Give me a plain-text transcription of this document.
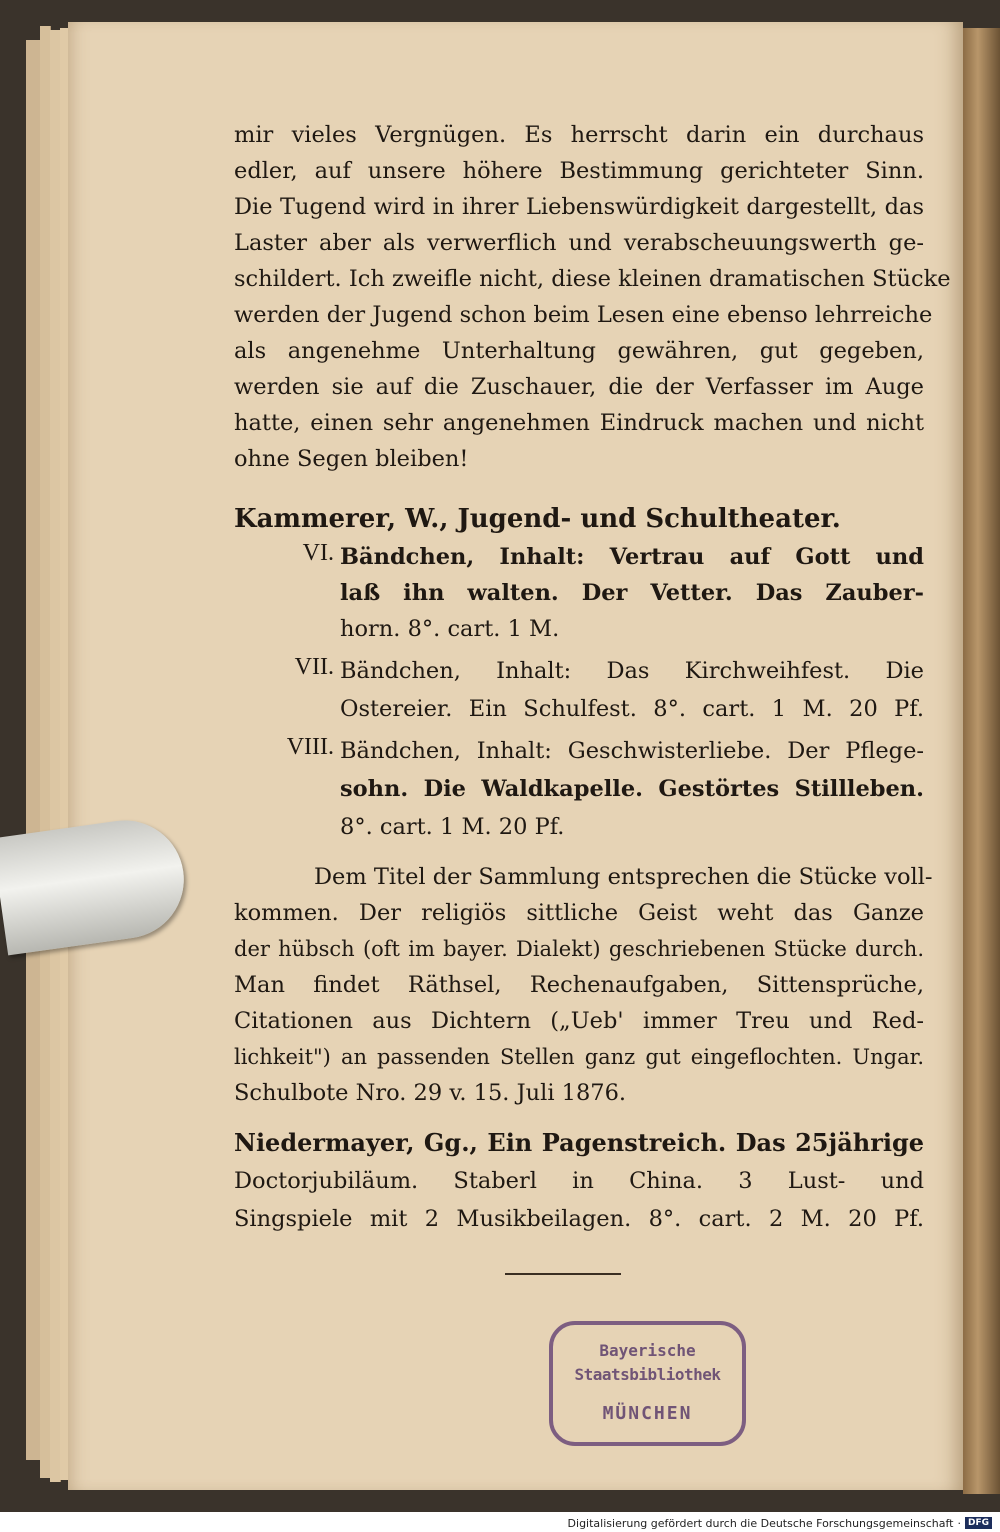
mir vieles Vergnügen. Es herrscht darin ein durchaus
edler, auf unsere höhere Bestimmung gerichteter Sinn.
Die Tugend wird in ihrer Liebenswürdigkeit dargestellt, das
Laster aber als verwerflich und verabscheuungswerth ge-
schildert. Ich zweifle nicht, diese kleinen dramatischen Stücke
werden der Jugend schon beim Lesen eine ebenso lehrreiche
als angenehme Unterhaltung gewähren, gut gegeben,
werden sie auf die Zuschauer, die der Verfasser im Auge
hatte, einen sehr angenehmen Eindruck machen und nicht
ohne Segen bleiben!
Kammerer, W., Jugend- und Schultheater.
VI. Bändchen, Inhalt: Vertrau auf Gott und
laß ihn walten. Der Vetter. Das Zauber-
horn. 8°. cart. 1 M.
VII. Bändchen, Inhalt: Das Kirchweihfest. Die
Ostereier. Ein Schulfest. 8°. cart. 1 M. 20 Pf.
VIII. Bändchen, Inhalt: Geschwisterliebe. Der Pflege-
sohn. Die Waldkapelle. Gestörtes Stillleben.
8°. cart. 1 M. 20 Pf.
Dem Titel der Sammlung entsprechen die Stücke voll-
kommen. Der religiös sittliche Geist weht das Ganze
der hübsch (oft im bayer. Dialekt) geschriebenen Stücke durch.
Man findet Räthsel, Rechenaufgaben, Sittensprüche,
Citationen aus Dichtern („Ueb' immer Treu und Red-
lichkeit") an passenden Stellen ganz gut eingeflochten. Ungar.
Schulbote Nro. 29 v. 15. Juli 1876.
Niedermayer, Gg., Ein Pagenstreich. Das 25jährige
Doctorjubiläum. Staberl in China. 3 Lust- und
Singspiele mit 2 Musikbeilagen. 8°. cart. 2 M. 20 Pf.
Bayerische
Staatsbibliothek
MÜNCHEN
Digitalisierung gefördert durch die Deutsche Forschungsgemeinschaft · DFG
